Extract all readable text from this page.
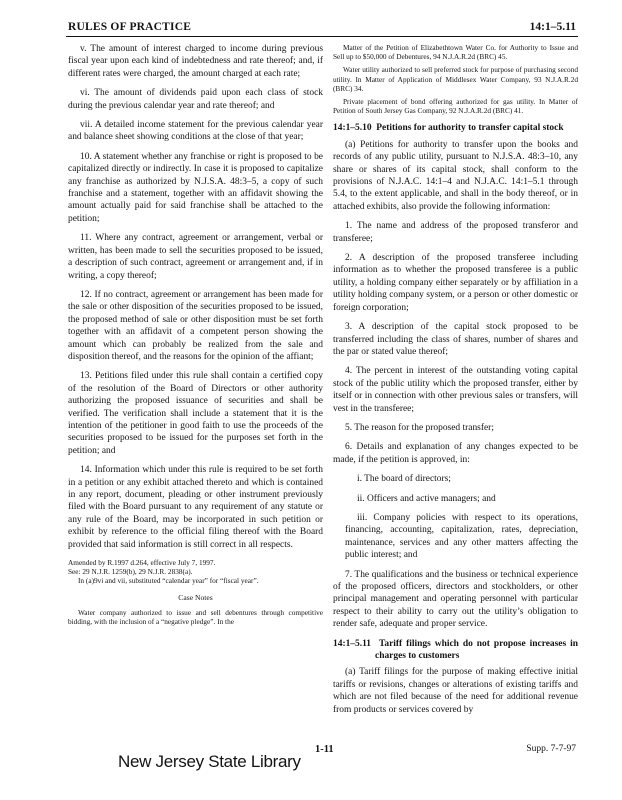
RULES OF PRACTICE	14:1–5.11

v. The amount of interest charged to income during previous fiscal year upon each kind of indebtedness and rate thereof; and, if different rates were charged, the amount charged at each rate;

vi. The amount of dividends paid upon each class of stock during the previous calendar year and rate thereof; and

vii. A detailed income statement for the previous calendar year and balance sheet showing conditions at the close of that year;

10. A statement whether any franchise or right is proposed to be capitalized directly or indirectly. In case it is proposed to capitalize any franchise as authorized by N.J.S.A. 48:3–5, a copy of such franchise and a statement, together with an affidavit showing the amount actually paid for said franchise shall be attached to the petition;

11. Where any contract, agreement or arrangement, verbal or written, has been made to sell the securities proposed to be issued, a description of such contract, agreement or arrangement and, if in writing, a copy thereof;

12. If no contract, agreement or arrangement has been made for the sale or other disposition of the securities proposed to be issued, the proposed method of sale or other disposition must be set forth together with an affidavit of a competent person showing the amount which can probably be realized from the sale and disposition thereof, and the reasons for the opinion of the affiant;

13. Petitions filed under this rule shall contain a certified copy of the resolution of the Board of Directors or other authority authorizing the proposed issuance of securities and shall be verified. The verification shall include a statement that it is the intention of the petitioner in good faith to use the proceeds of the securities proposed to be issued for the purposes set forth in the petition; and

14. Information which under this rule is required to be set forth in a petition or any exhibit attached thereto and which is contained in any report, document, pleading or other instrument previously filed with the Board pursuant to any requirement of any statute or any rule of the Board, may be incorporated in such petition or exhibit by reference to the official filing thereof with the Board provided that said information is still correct in all respects.

Amended by R.1997 d.264, effective July 7, 1997.

See: 29 N.J.R. 1259(b), 29 N.J.R. 2838(a).

In (a)9vi and vii, substituted “calendar year” for “fiscal year”.

Case Notes

Water company authorized to issue and sell debentures through competitive bidding, with the inclusion of a “negative pledge”. In the

Matter of the Petition of Elizabethtown Water Co. for Authority to Issue and Sell up to $50,000 of Debentures, 94 N.J.A.R.2d (BRC) 45.

Water utility authorized to sell preferred stock for purpose of purchasing second utility. In Matter of Application of Middlesex Water Company, 93 N.J.A.R.2d (BRC) 34.

Private placement of bond offering authorized for gas utility. In Matter of Petition of South Jersey Gas Company, 92 N.J.A.R.2d (BRC) 41.

14:1–5.10 Petitions for authority to transfer capital stock

(a) Petitions for authority to transfer upon the books and records of any public utility, pursuant to N.J.S.A. 48:3–10, any share or shares of its capital stock, shall conform to the provisions of N.J.A.C. 14:1–4 and N.J.A.C. 14:1–5.1 through 5.4, to the extent applicable, and shall in the body thereof, or in attached exhibits, also provide the following information:

1. The name and address of the proposed transferor and transferee;

2. A description of the proposed transferee including information as to whether the proposed transferee is a public utility, a holding company either separately or by affiliation in a utility holding company system, or a person or other domestic or foreign corporation;

3. A description of the capital stock proposed to be transferred including the class of shares, number of shares and the par or stated value thereof;

4. The percent in interest of the outstanding voting capital stock of the public utility which the proposed transfer, either by itself or in connection with other previous sales or transfers, will vest in the transferee;

5. The reason for the proposed transfer;

6. Details and explanation of any changes expected to be made, if the petition is approved, in:

i. The board of directors;

ii. Officers and active managers; and

iii. Company policies with respect to its operations, financing, accounting, capitalization, rates, depreciation, maintenance, services and any other matters affecting the public interest; and

7. The qualifications and the business or technical experience of the proposed officers, directors and stockholders, or other principal management and operating personnel with particular respect to their ability to carry out the utility’s obligation to render safe, adequate and proper service.

14:1–5.11 Tariff filings which do not propose increases in charges to customers

(a) Tariff filings for the purpose of making effective initial tariffs or revisions, changes or alterations of existing tariffs and which are not filed because of the need for additional revenue from products or services covered by

1-11	Supp. 7-7-97
New Jersey State Library
